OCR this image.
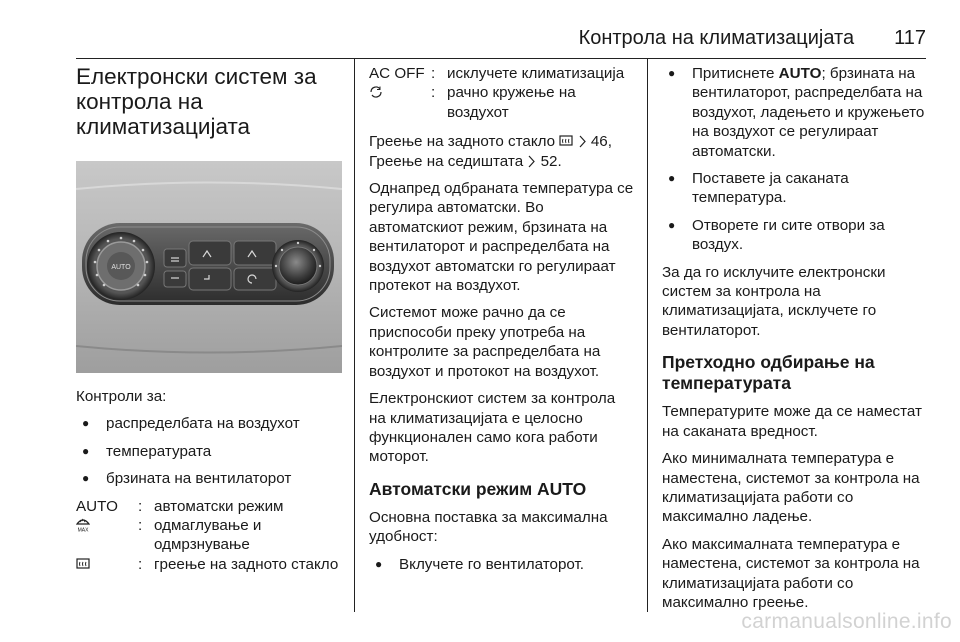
Контрола на климатизацијата 117
Електронски систем за контрола на климатизацијата
AUTO

Контроли за:

● распределбата на воздухот
● температурата
● брзината на вентилаторот
AUTO	: автоматски режим
MAX	: одмаглување и одмрзнување
: греење на задното стакло
AC OFF : исклучете климатизација
: рачно кружење на воздухот

Греење на задното стакло 46,
Греење на седиштата 52.

Однапред одбраната температура се регулира автоматски. Во автоматскиот режим, брзината на вентилаторот и распределбата на воздухот автоматски го регулираат протекот на воздухот.

Системот може рачно да се приспособи преку употреба на контролите за распределбата на воздухот и протокот на воздухот.

Електронскиот систем за контрола на климатизацијата е целосно функционален само кога работи моторот.

Автоматски режим AUTO

Основна поставка за максимална удобност:

● Вклучете го вентилаторот.
● Притиснете AUTO; брзината на вентилаторот, распределбата на воздухот, ладењето и кружењето на воздухот се регулираат автоматски.
● Поставете ја саканата температура.
● Отворете ги сите отвори за воздух.

За да го исклучите електронски систем за контрола на климатизацијата, исклучете го вентилаторот.

Претходно одбирање на температурата

Температурите може да се наместат на саканата вредност.

Ако минималната температура е наместена, системот за контрола на климатизацијата работи со максимално ладење.

Ако максималната температура е наместена, системот за контрола на климатизацијата работи со максимално греење.

carmanualsonline.info
